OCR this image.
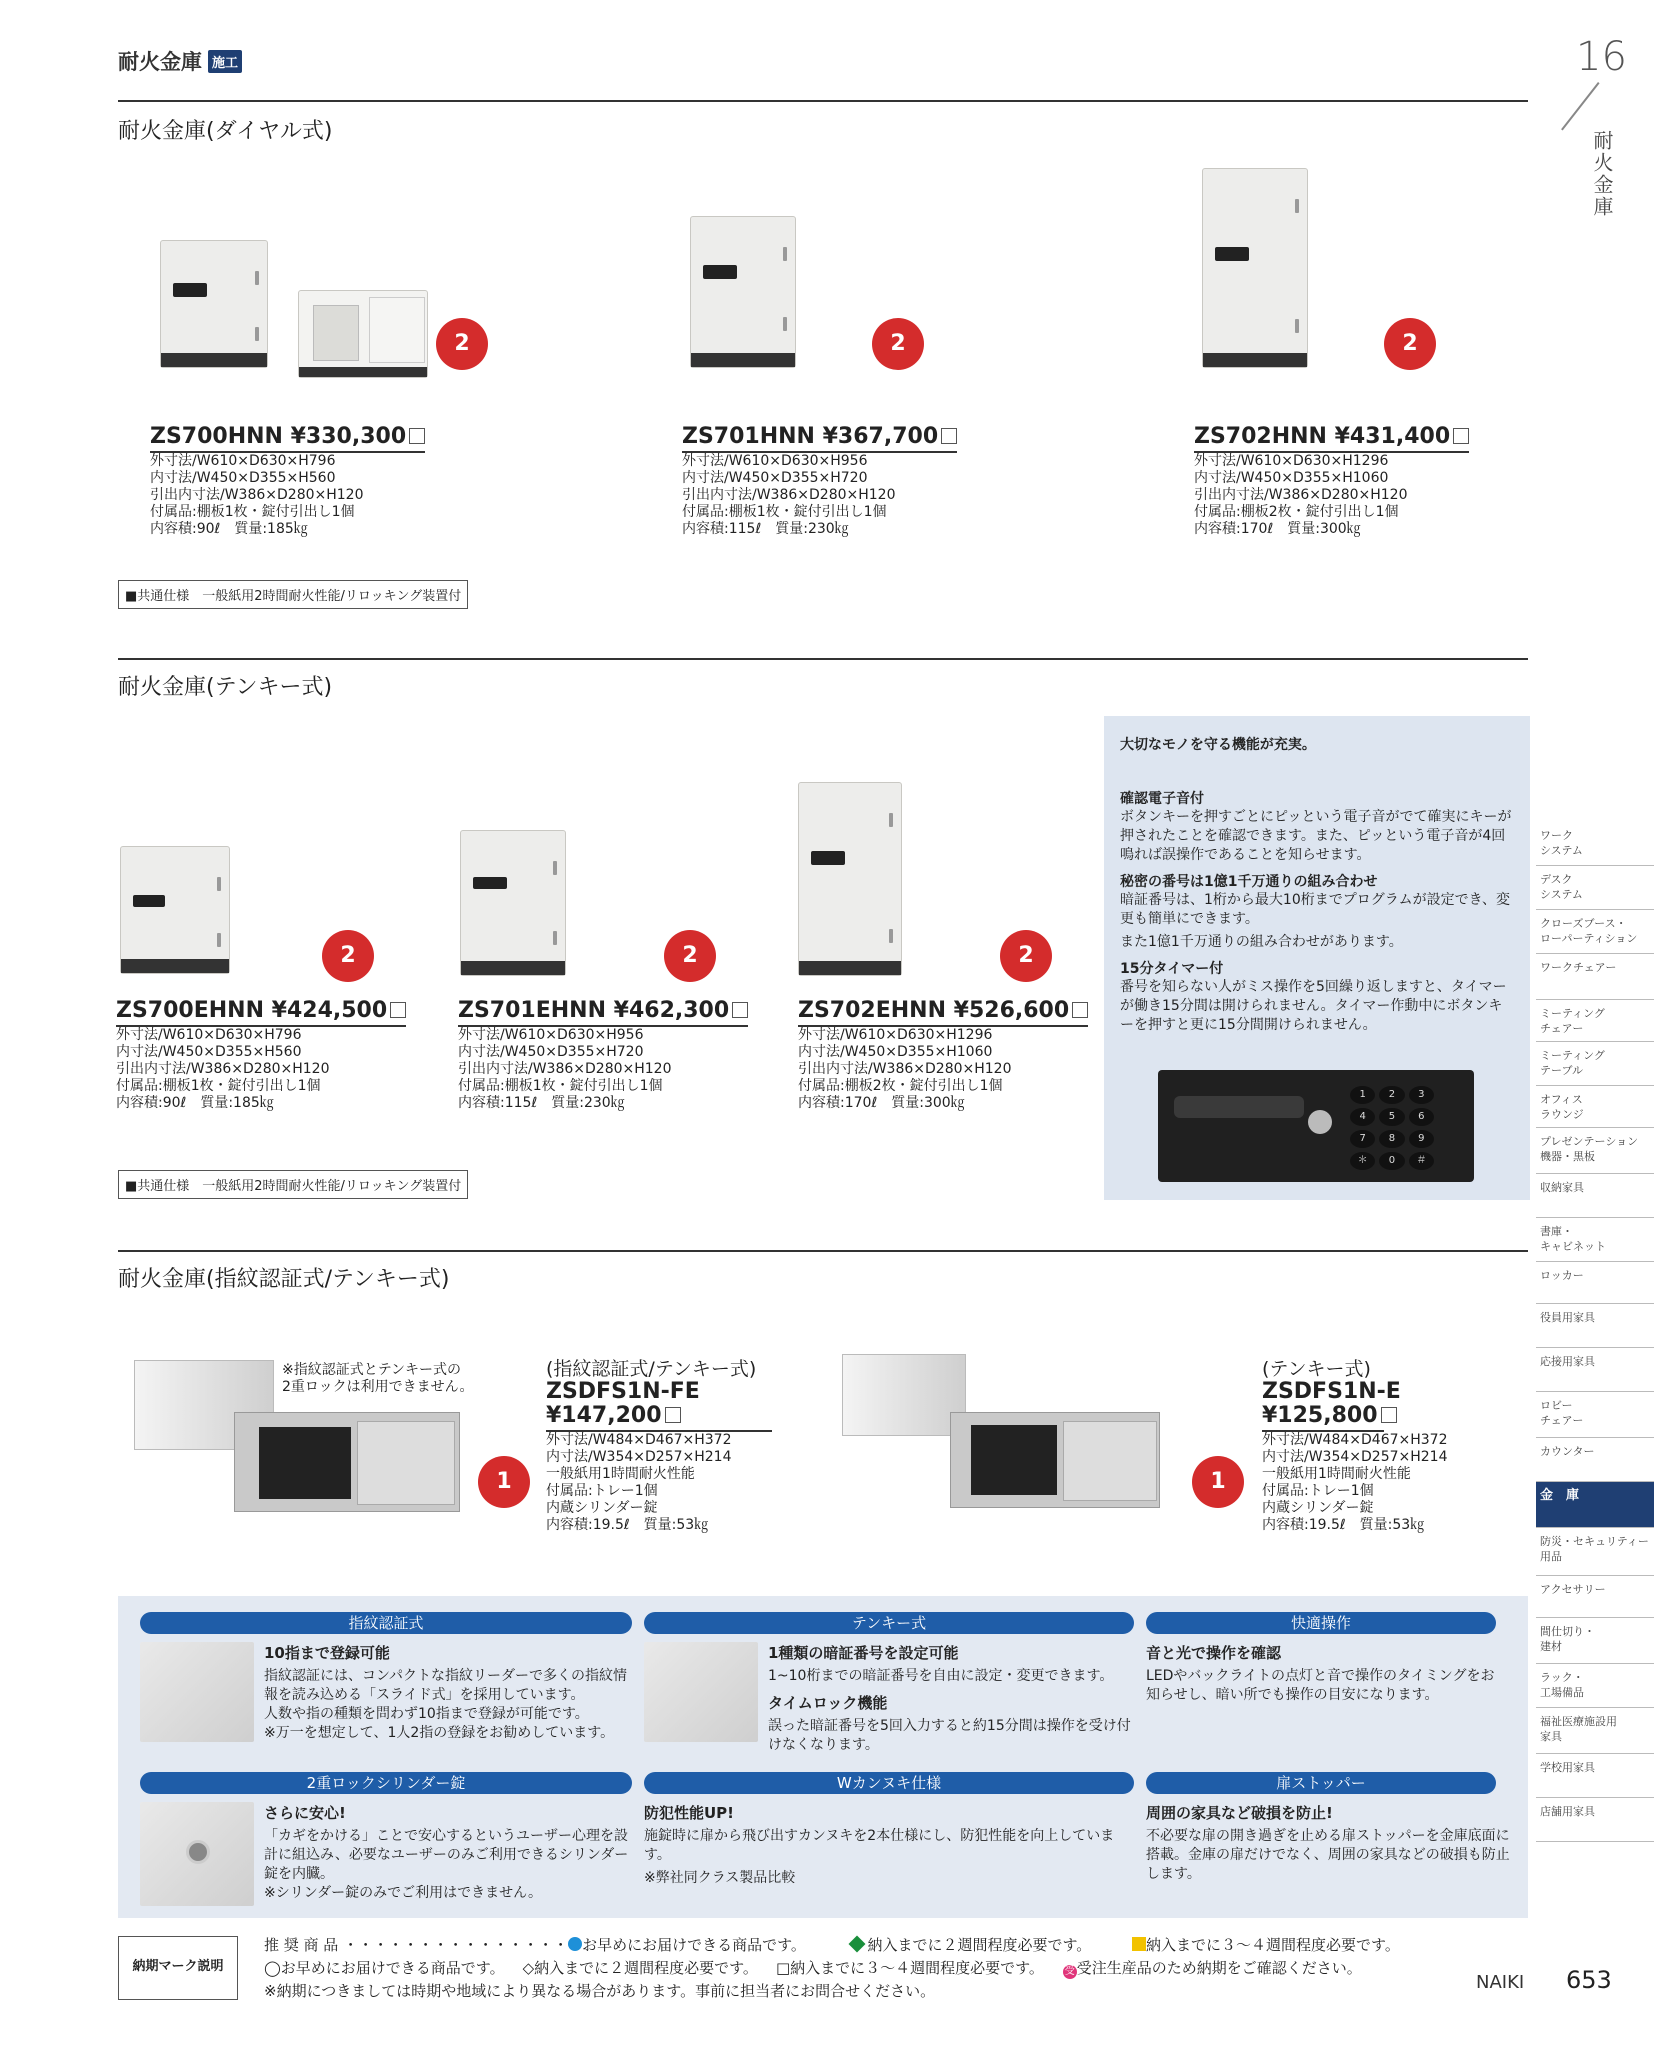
耐火金庫 施工	16
耐火金庫
耐火金庫(ダイヤル式)
2	2	2
ZS700HNN ¥330,300
外寸法/W610×D630×H796
内寸法/W450×D355×H560
引出内寸法/W386×D280×H120
付属品:棚板1枚・錠付引出し1個
内容積:90ℓ　質量:185㎏
ZS701HNN ¥367,700
外寸法/W610×D630×H956
内寸法/W450×D355×H720
引出内寸法/W386×D280×H120
付属品:棚板1枚・錠付引出し1個
内容積:115ℓ　質量:230㎏
ZS702HNN ¥431,400
外寸法/W610×D630×H1296
内寸法/W450×D355×H1060
引出内寸法/W386×D280×H120
付属品:棚板2枚・錠付引出し1個
内容積:170ℓ　質量:300㎏
■共通仕様　一般紙用2時間耐火性能/リロッキング装置付
耐火金庫(テンキー式)
2	2	2
ZS700EHNN ¥424,500
外寸法/W610×D630×H796
内寸法/W450×D355×H560
引出内寸法/W386×D280×H120
付属品:棚板1枚・錠付引出し1個
内容積:90ℓ　質量:185㎏
ZS701EHNN ¥462,300
外寸法/W610×D630×H956
内寸法/W450×D355×H720
引出内寸法/W386×D280×H120
付属品:棚板1枚・錠付引出し1個
内容積:115ℓ　質量:230㎏
ZS702EHNN ¥526,600
外寸法/W610×D630×H1296
内寸法/W450×D355×H1060
引出内寸法/W386×D280×H120
付属品:棚板2枚・錠付引出し1個
内容積:170ℓ　質量:300㎏
■共通仕様　一般紙用2時間耐火性能/リロッキング装置付
大切なモノを守る機能が充実。
確認電子音付
ボタンキーを押すごとにピッという電子音がでて確実にキーが押されたことを確認できます。また、ピッという電子音が4回鳴れば誤操作であることを知らせます。
秘密の番号は1億1千万通りの組み合わせ
暗証番号は、1桁から最大10桁までプログラムが設定でき、変更も簡単にできます。
また1億1千万通りの組み合わせがあります。
15分タイマー付
番号を知らない人がミス操作を5回繰り返しますと、タイマーが働き15分間は開けられません。タイマー作動中にボタンキーを押すと更に15分間開けられません。
1	2	3
4	5	6
7	8	9
＊	0	＃
耐火金庫(指紋認証式/テンキー式)
※指紋認証式とテンキー式の
2重ロックは利用できません。
1
(指紋認証式/テンキー式)
ZSDFS1N-FE
¥147,200
外寸法/W484×D467×H372
内寸法/W354×D257×H214
一般紙用1時間耐火性能
付属品:トレー1個
内蔵シリンダー錠
内容積:19.5ℓ　質量:53㎏
1
(テンキー式)
ZSDFS1N-E
¥125,800
外寸法/W484×D467×H372
内寸法/W354×D257×H214
一般紙用1時間耐火性能
付属品:トレー1個
内蔵シリンダー錠
内容積:19.5ℓ　質量:53㎏
指紋認証式
10指まで登録可能
指紋認証には、コンパクトな指紋リーダーで多くの指紋情報を読み込める「スライド式」を採用しています。
人数や指の種類を問わず10指まで登録が可能です。
※万一を想定して、1人2指の登録をお勧めしています。
テンキー式
1種類の暗証番号を設定可能
1~10桁までの暗証番号を自由に設定・変更できます。
タイムロック機能
誤った暗証番号を5回入力すると約15分間は操作を受け付けなくなります。
快適操作
音と光で操作を確認
LEDやバックライトの点灯と音で操作のタイミングをお知らせし、暗い所でも操作の目安になります。
2重ロックシリンダー錠
さらに安心!
「カギをかける」ことで安心するというユーザー心理を設計に組込み、必要なユーザーのみご利用できるシリンダー錠を内臓。
※シリンダー錠のみでご利用はできません。
Wカンヌキ仕様
防犯性能UP!
施錠時に扉から飛び出すカンヌキを2本仕様にし、防犯性能を向上しています。
※弊社同クラス製品比較
扉ストッパー
周囲の家具など破損を防止!
不必要な扉の開き過ぎを止める扉ストッパーを金庫底面に搭載。金庫の扉だけでなく、周囲の家具などの破損も防止します。
ワーク
システム
デスク
システム
クローズブース・
ローパーティション
ワークチェアー
ミーティング
チェアー
ミーティング
テーブル
オフィス
ラウンジ
プレゼンテーション
機器・黒板
収納家具
書庫・
キャビネット
ロッカー
役員用家具
応接用家具
ロビー
チェアー
カウンター
金　庫
防災・セキュリティー
用品
アクセサリー
間仕切り・
建材
ラック・
工場備品
福祉医療施設用
家具
学校用家具
店舗用家具
納期マーク説明
推 奨 商 品 ・・・・・・・・・・・・・・・ お早めにお届けできる商品です。	納入までに２週間程度必要です。	納入までに３～４週間程度必要です。
◯お早めにお届けできる商品です。 ◇納入までに２週間程度必要です。 □納入までに３～４週間程度必要です。 受 受注生産品のため納期をご確認ください。
※納期につきましては時期や地域により異なる場合があります。事前に担当者にお問合せください。	NAIKI 653
